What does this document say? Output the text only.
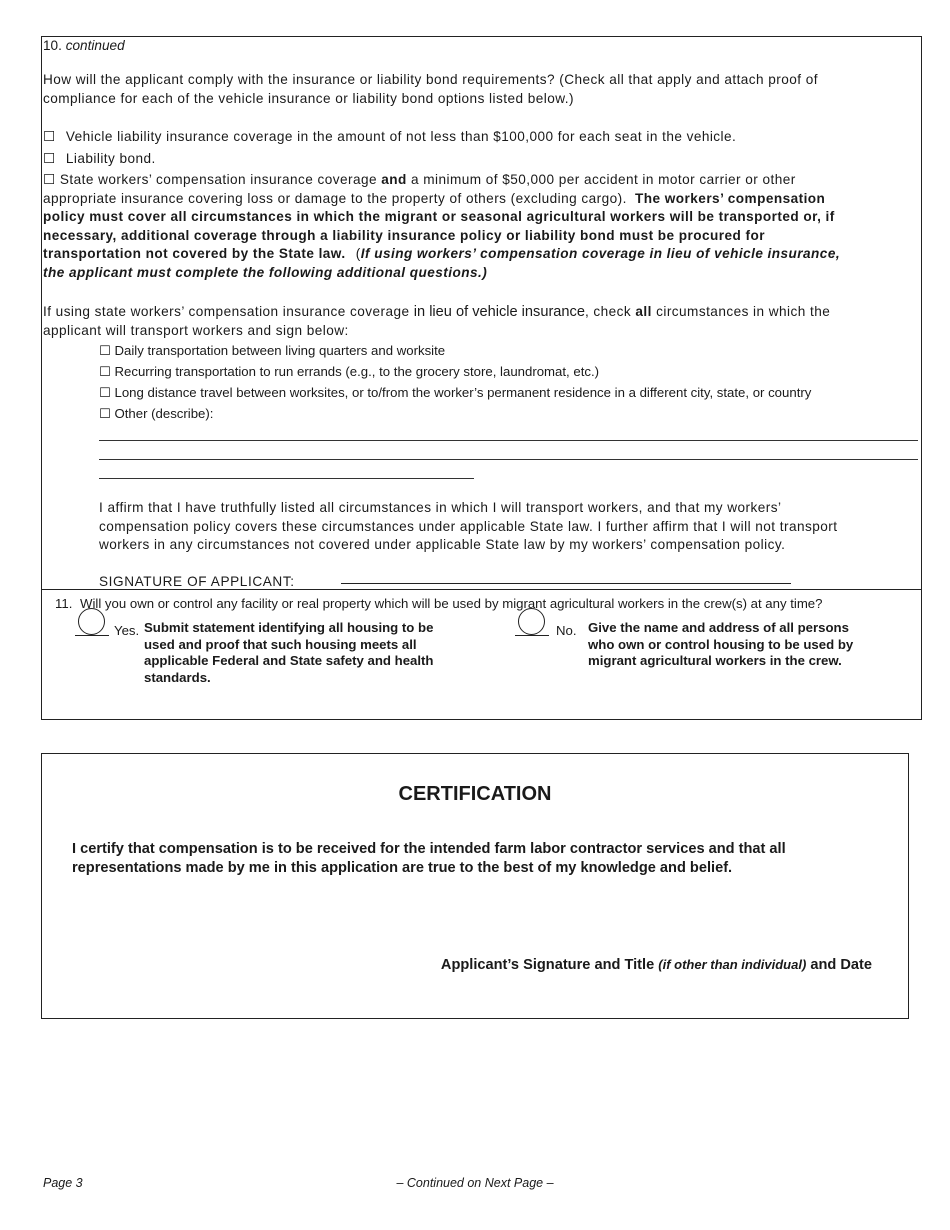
10. continued
How will the applicant comply with the insurance or liability bond requirements? (Check all that apply and attach proof of
compliance for each of the vehicle insurance or liability bond options listed below.)
☐ Vehicle liability insurance coverage in the amount of not less than $100,000 for each seat in the vehicle.
☐ Liability bond.
☐ State workers’ compensation insurance coverage and a minimum of $50,000 per accident in motor carrier or other
appropriate insurance covering loss or damage to the property of others (excluding cargo). The workers’ compensation
policy must cover all circumstances in which the migrant or seasonal agricultural workers will be transported or, if
necessary, additional coverage through a liability insurance policy or liability bond must be procured for
transportation not covered by the State law. (If using workers’ compensation coverage in lieu of vehicle insurance,
the applicant must complete the following additional questions.)
If using state workers’ compensation insurance coverage in lieu of vehicle insurance, check all circumstances in which the
applicant will transport workers and sign below:
☐ Daily transportation between living quarters and worksite
☐ Recurring transportation to run errands (e.g., to the grocery store, laundromat, etc.)
☐ Long distance travel between worksites, or to/from the worker’s permanent residence in a different city, state, or country
☐ Other (describe):
I affirm that I have truthfully listed all circumstances in which I will transport workers, and that my workers’
compensation policy covers these circumstances under applicable State law. I further affirm that I will not transport
workers in any circumstances not covered under applicable State law by my workers’ compensation policy.
SIGNATURE OF APPLICANT:
11. Will you own or control any facility or real property which will be used by migrant agricultural workers in the crew(s) at any time?
Yes. Submit statement identifying all housing to be
used and proof that such housing meets all
applicable Federal and State safety and health
standards.
No. Give the name and address of all persons
who own or control housing to be used by
migrant agricultural workers in the crew.
CERTIFICATION
I certify that compensation is to be received for the intended farm labor contractor services and that all
representations made by me in this application are true to the best of my knowledge and belief.
Applicant’s Signature and Title (if other than individual) and Date
Page 3	– Continued on Next Page –
